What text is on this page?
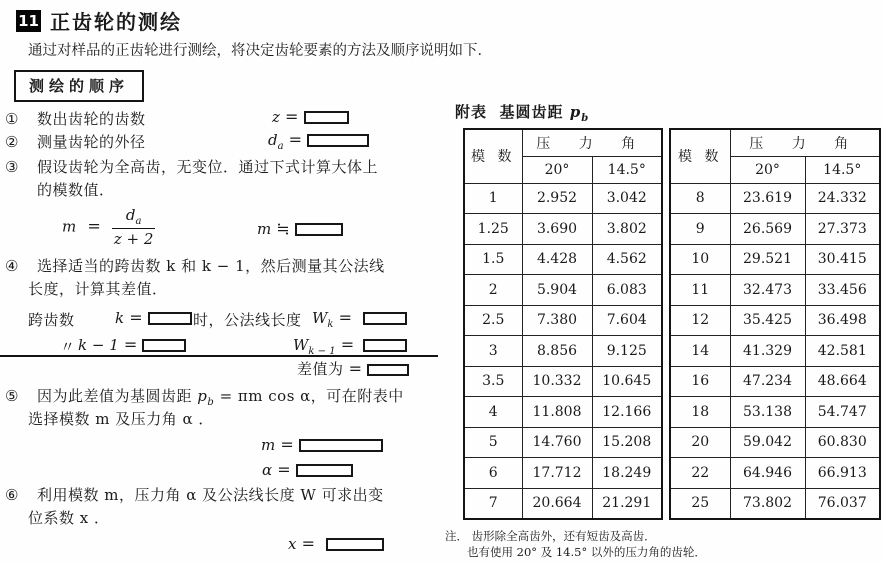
11 正齿轮的测绘
通过对样品的正齿轮进行测绘，将决定齿轮要素的方法及顺序说明如下．
测绘的顺序
① 数出齿轮的齿数	z =
② 测量齿轮的外径	$d_a$ =
③ 假设齿轮为全高齿，无变位．通过下式计算大体上
的模数值．
$m = \frac{d_a}{z + 2}$	m ≒
④ 选择适当的跨齿数 k 和 k − 1，然后测量其公法线
长度，计算其差值．
跨齿数	k =	时，公法线长度 $W_k$ =
〃 k − 1 =	$W_{k - 1}$ =
差值为 =
⑤ 因为此差值为基圆齿距 $p_b = \pi m$ cos α，可在附表中
选择模数 m 及压力角 α ．
m =
α =
⑥ 利用模数 m，压力角 α 及公法线长度 W 可求出变
位系数 x ．
x =
附表 基圆齿距 $p_b$
模 数	压 力 角	
	20°	14.5°
1	2.952	3.042
1.25	3.690	3.802
1.5	4.428	4.562
2	5.904	6.083
2.5	7.380	7.604
3	8.856	9.125
3.5	10.332	10.645
4	11.808	12.166
5	14.760	15.208
6	17.712	18.249
7	20.664	21.291
模 数	压 力 角	
	20°	14.5°
8	23.619	24.332
9	26.569	27.373
10	29.521	30.415
11	32.473	33.456
12	35.425	36.498
14	41.329	42.581
16	47.234	48.664
18	53.138	54.747
20	59.042	60.830
22	64.946	66.913
25	73.802	76.037
注． 齿形除全高齿外，还有短齿及高齿．
也有使用 20° 及 14.5° 以外的压力角的齿轮．
